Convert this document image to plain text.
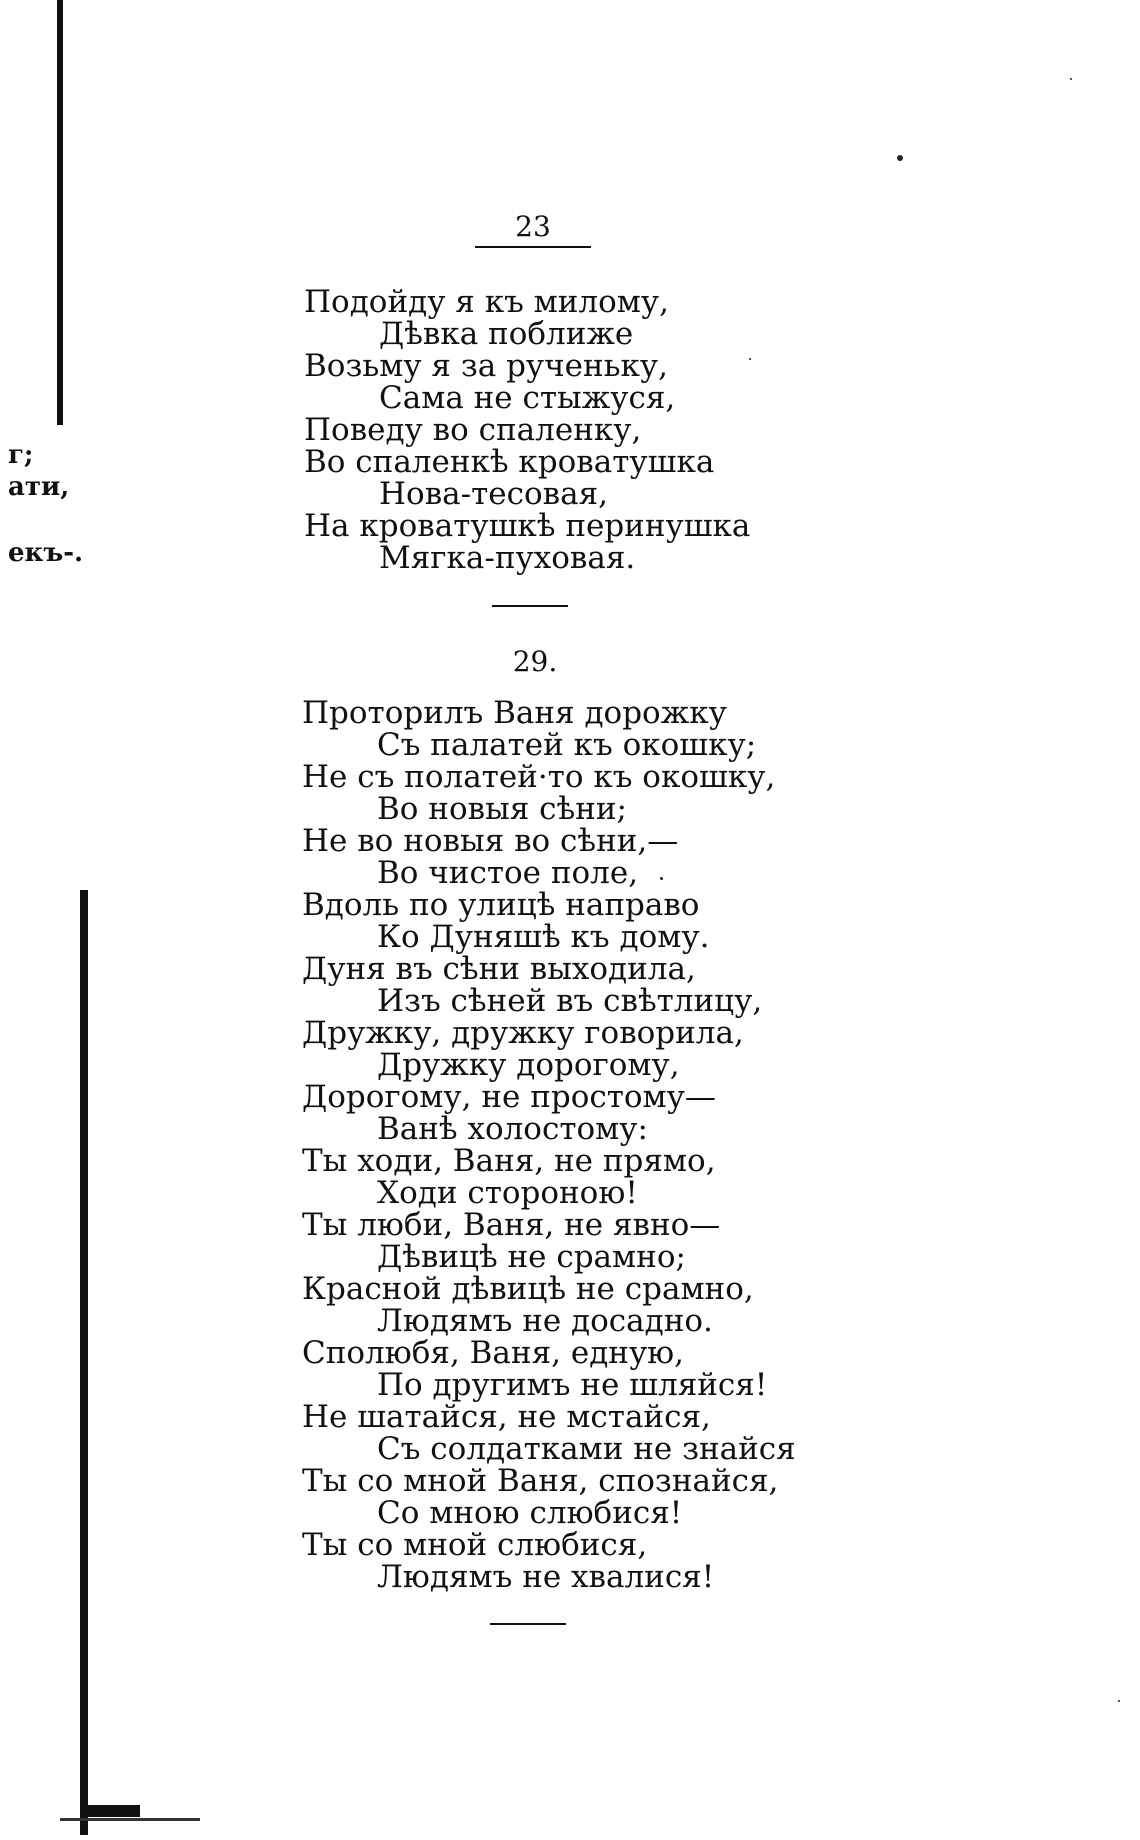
г;
ати,
екъ-.
23
Подойду я къ милому,
Дѣвка поближе
Возьму я за рученьку,
Сама не стыжуся,
Поведу во спаленку,
Во спаленкѣ кроватушка
Нова-тесовая,
На кроватушкѣ перинушка
Мягка-пуховая.
29.
Проторилъ Ваня дорожку
Съ палатей къ окошку;
Не съ полатей·то къ окошку,
Во новыя сѣни;
Не во новыя во сѣни,—
Во чистое поле,
Вдоль по улицѣ направо
Ко Дуняшѣ къ дому.
Дуня въ сѣни выходила,
Изъ сѣней въ свѣтлицу,
Дружку, дружку говорила,
Дружку дорогому,
Дорогому, не простому—
Ванѣ холостому:
Ты ходи, Ваня, не прямо,
Ходи стороною!
Ты люби, Ваня, не явно—
Дѣвицѣ не срамно;
Красной дѣвицѣ не срамно,
Людямъ не досадно.
Сполюбя, Ваня, едную,
По другимъ не шляйся!
Не шатайся, не мстайся,
Съ солдатками не знайся
Ты со мной Ваня, спознайся,
Со мною слюбися!
Ты со мной слюбися,
Людямъ не хвалися!
